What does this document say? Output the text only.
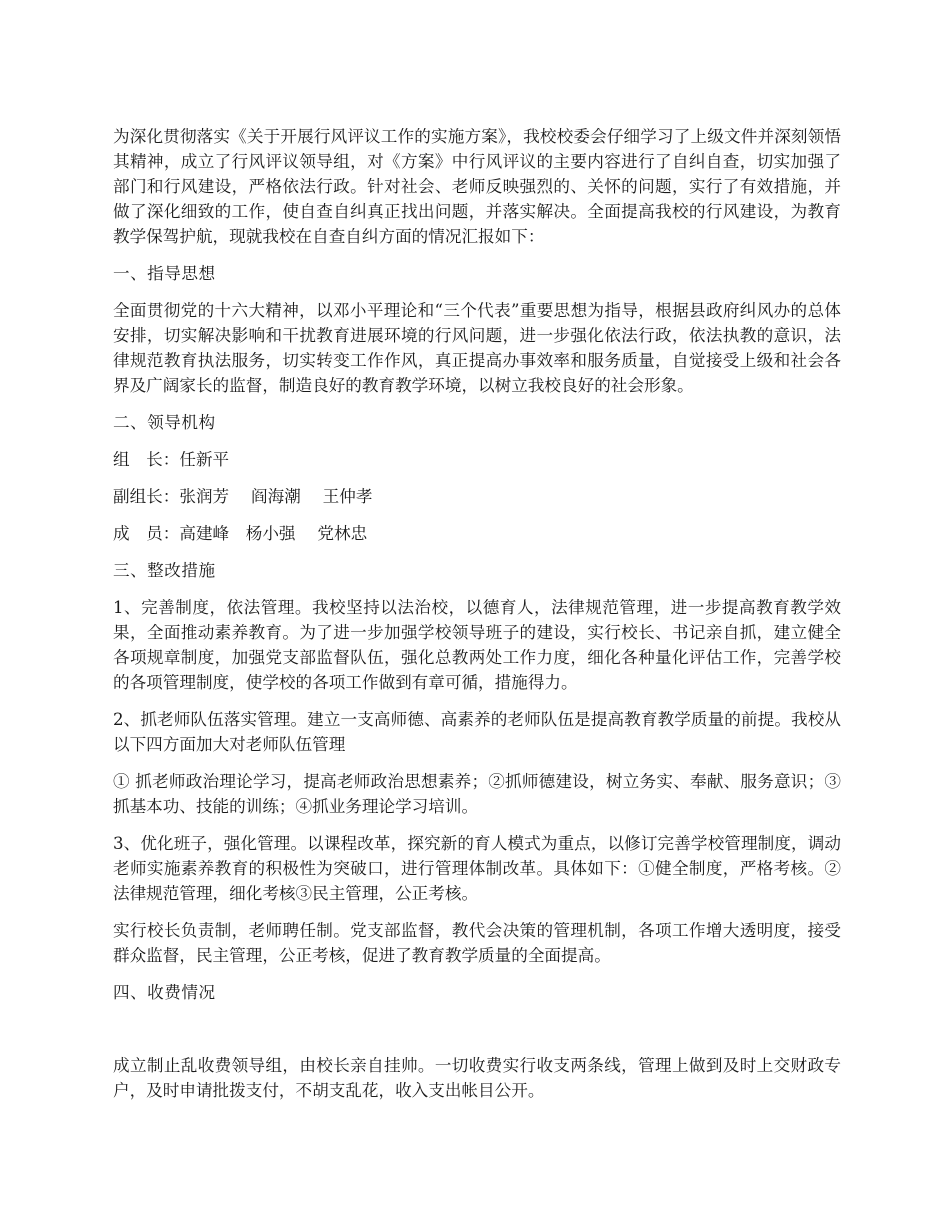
为深化贯彻落实《关于开展行风评议工作的实施方案》，我校校委会仔细学习了上级文件并深刻领悟其精神，成立了行风评议领导组，对《方案》中行风评议的主要内容进行了自纠自查，切实加强了部门和行风建设，严格依法行政。针对社会、老师反映强烈的、关怀的问题，实行了有效措施，并做了深化细致的工作，使自查自纠真正找出问题，并落实解决。全面提高我校的行风建设，为教育教学保驾护航，现就我校在自查自纠方面的情况汇报如下：

一、指导思想

全面贯彻党的十六大精神，以邓小平理论和“三个代表”重要思想为指导，根据县政府纠风办的总体安排，切实解决影响和干扰教育进展环境的行风问题，进一步强化依法行政，依法执教的意识，法律规范教育执法服务，切实转变工作作风，真正提高办事效率和服务质量，自觉接受上级和社会各界及广阔家长的监督，制造良好的教育教学环境，以树立我校良好的社会形象。

二、领导机构

组　长：任新平

副组长：张润芳　 阎海潮　 王仲孝

成　员：高建峰　杨小强　 党林忠

三、整改措施

1、完善制度，依法管理。我校坚持以法治校，以德育人，法律规范管理，进一步提高教育教学效果，全面推动素养教育。为了进一步加强学校领导班子的建设，实行校长、书记亲自抓，建立健全各项规章制度，加强党支部监督队伍，强化总教两处工作力度，细化各种量化评估工作，完善学校的各项管理制度，使学校的各项工作做到有章可循，措施得力。

2、抓老师队伍落实管理。建立一支高师德、高素养的老师队伍是提高教育教学质量的前提。我校从以下四方面加大对老师队伍管理

① 抓老师政治理论学习，提高老师政治思想素养；②抓师德建设，树立务实、奉献、服务意识；③抓基本功、技能的训练；④抓业务理论学习培训。

3、优化班子，强化管理。以课程改革，探究新的育人模式为重点，以修订完善学校管理制度，调动老师实施素养教育的积极性为突破口，进行管理体制改革。具体如下：①健全制度，严格考核。②法律规范管理，细化考核③民主管理，公正考核。

实行校长负责制，老师聘任制。党支部监督，教代会决策的管理机制，各项工作增大透明度，接受群众监督，民主管理，公正考核，促进了教育教学质量的全面提高。

四、收费情况

成立制止乱收费领导组，由校长亲自挂帅。一切收费实行收支两条线，管理上做到及时上交财政专户，及时申请批拨支付，不胡支乱花，收入支出帐目公开。
